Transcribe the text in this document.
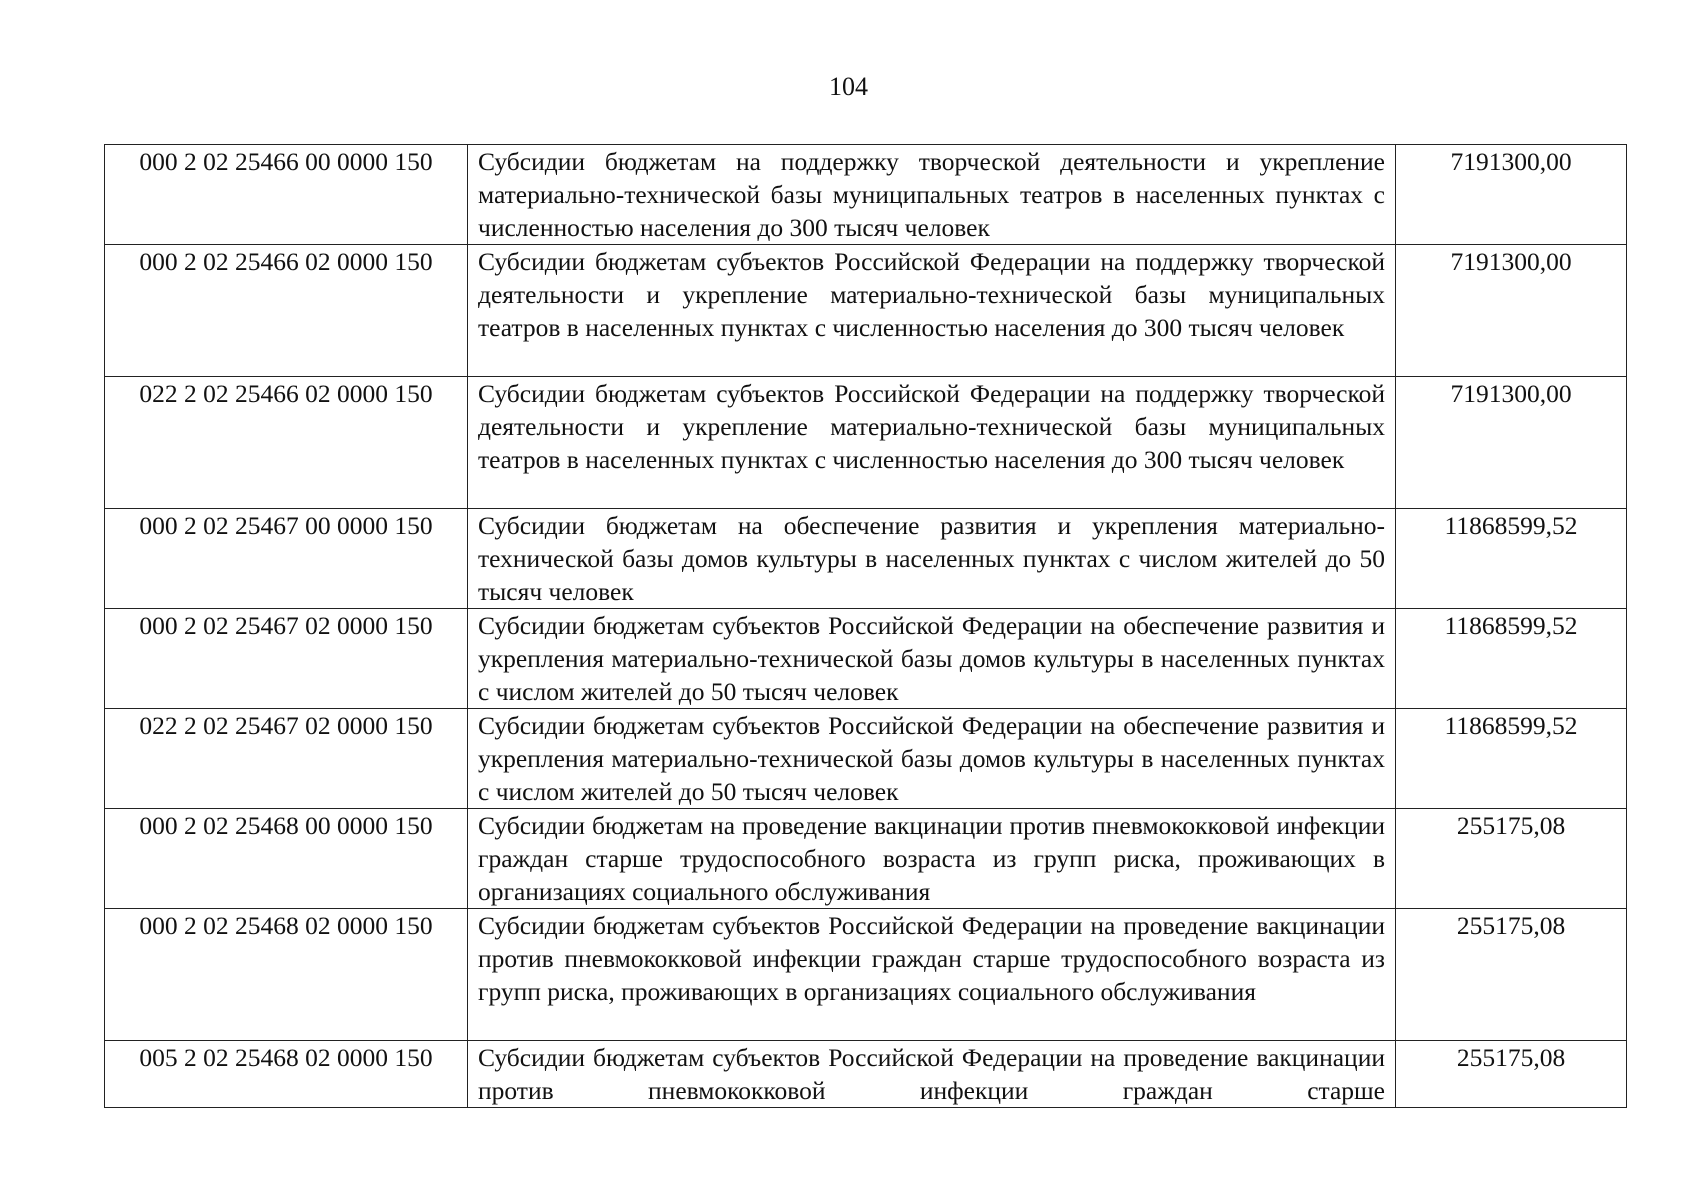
104
000 2 02 25466 00 0000 150	Субсидии бюджетам на поддержку творческой деятельности и укрепление материально-технической базы муниципальных театров в населенных пунктах с численностью населения до 300 тысяч человек	7191300,00
000 2 02 25466 02 0000 150	Субсидии бюджетам субъектов Российской Федерации на поддержку творческой деятельности и укрепление материально-технической базы муниципальных театров в населенных пунктах с численностью населения до 300 тысяч человек	7191300,00
022 2 02 25466 02 0000 150	Субсидии бюджетам субъектов Российской Федерации на поддержку творческой деятельности и укрепление материально-технической базы муниципальных театров в населенных пунктах с численностью населения до 300 тысяч человек	7191300,00
000 2 02 25467 00 0000 150	Субсидии бюджетам на обеспечение развития и укрепления материально-технической базы домов культуры в населенных пунктах с числом жителей до 50 тысяч человек	11868599,52
000 2 02 25467 02 0000 150	Субсидии бюджетам субъектов Российской Федерации на обеспечение развития и укрепления материально-технической базы домов культуры в населенных пунктах с числом жителей до 50 тысяч человек	11868599,52
022 2 02 25467 02 0000 150	Субсидии бюджетам субъектов Российской Федерации на обеспечение развития и укрепления материально-технической базы домов культуры в населенных пунктах с числом жителей до 50 тысяч человек	11868599,52
000 2 02 25468 00 0000 150	Субсидии бюджетам на проведение вакцинации против пневмококковой инфекции граждан старше трудоспособного возраста из групп риска, проживающих в организациях социального обслуживания	255175,08
000 2 02 25468 02 0000 150	Субсидии бюджетам субъектов Российской Федерации на проведение вакцинации против пневмококковой инфекции граждан старше трудоспособного возраста из групп риска, проживающих в организациях социального обслуживания	255175,08
005 2 02 25468 02 0000 150	Субсидии бюджетам субъектов Российской Федерации на проведение вакцинации против пневмококковой инфекции граждан старше	255175,08
